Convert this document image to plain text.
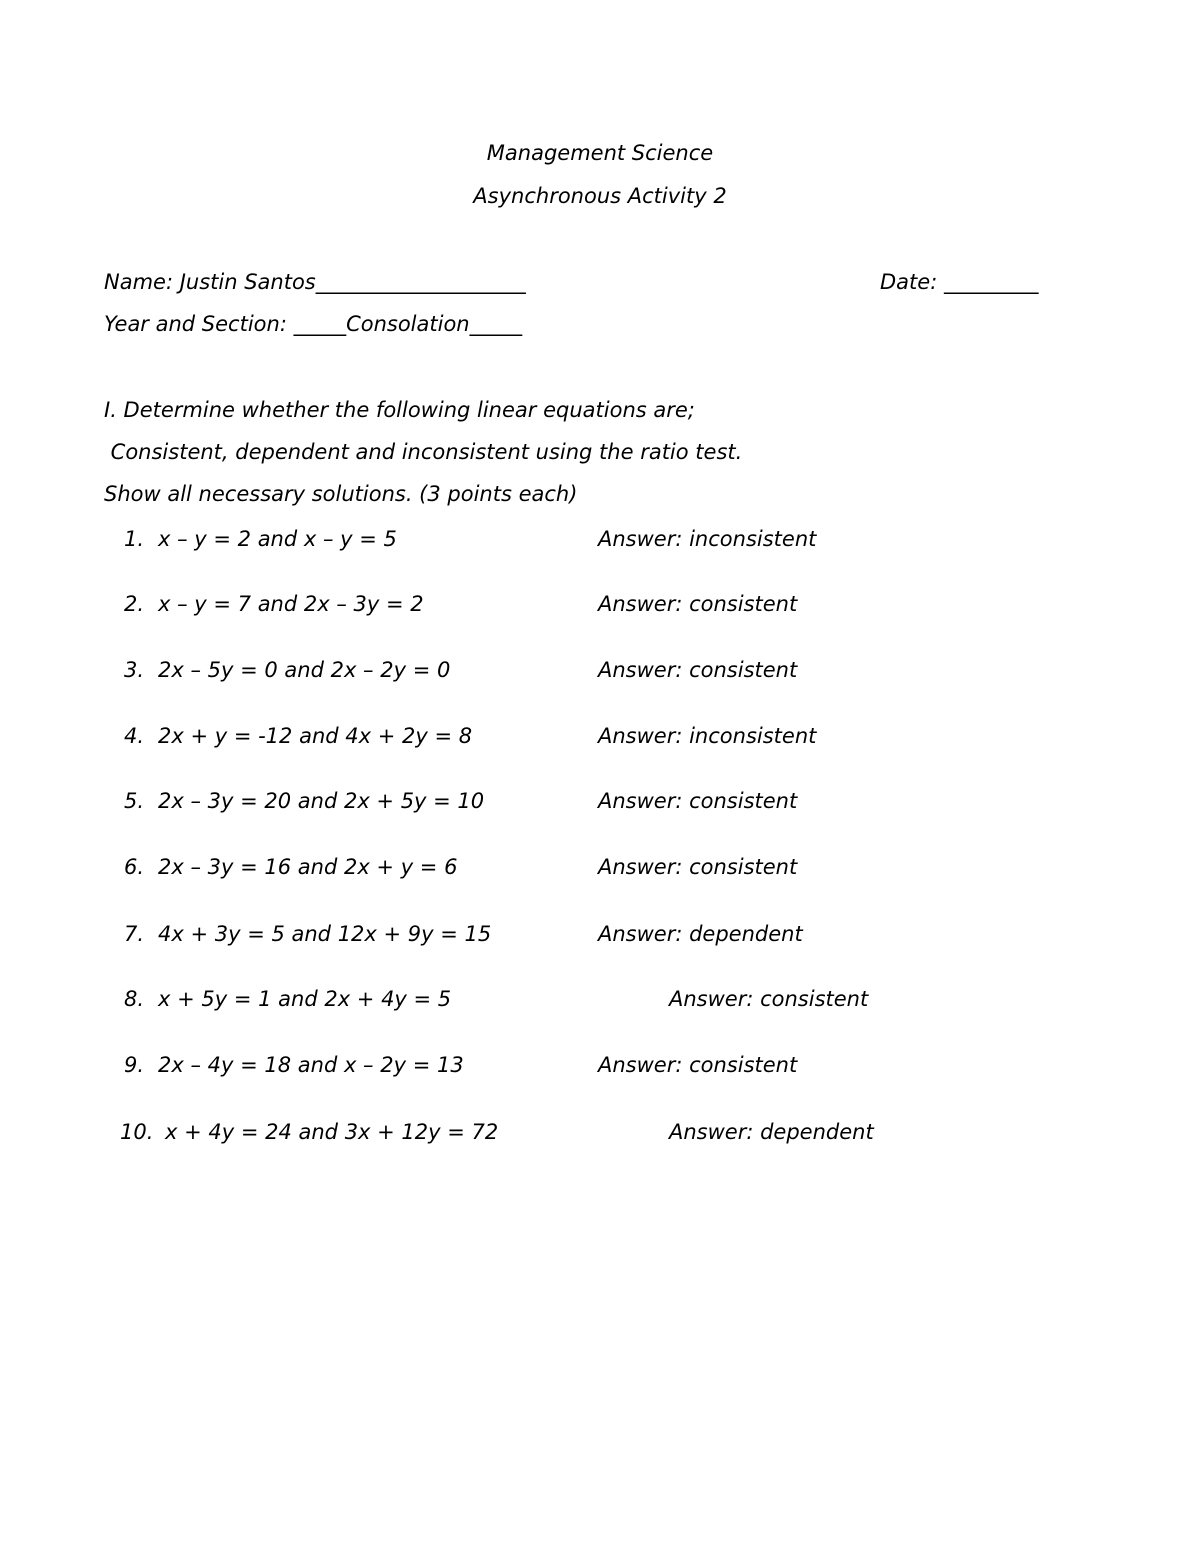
Management Science
Asynchronous Activity 2
Name: Justin Santos____________________	Date: _________
Year and Section: _____Consolation_____
I. Determine whether the following linear equations are;
Consistent, dependent and inconsistent using the ratio test.
Show all necessary solutions. (3 points each)
1. x – y = 2 and x – y = 5	Answer: inconsistent
2. x – y = 7 and 2x – 3y = 2	Answer: consistent
3. 2x – 5y = 0 and 2x – 2y = 0	Answer: consistent
4. 2x + y = -12 and 4x + 2y = 8	Answer: inconsistent
5. 2x – 3y = 20 and 2x + 5y = 10	Answer: consistent
6. 2x – 3y = 16 and 2x + y = 6	Answer: consistent
7. 4x + 3y = 5 and 12x + 9y = 15	Answer: dependent
8. x + 5y = 1 and 2x + 4y = 5	Answer: consistent
9. 2x – 4y = 18 and x – 2y = 13	Answer: consistent
10. x + 4y = 24 and 3x + 12y = 72	Answer: dependent
